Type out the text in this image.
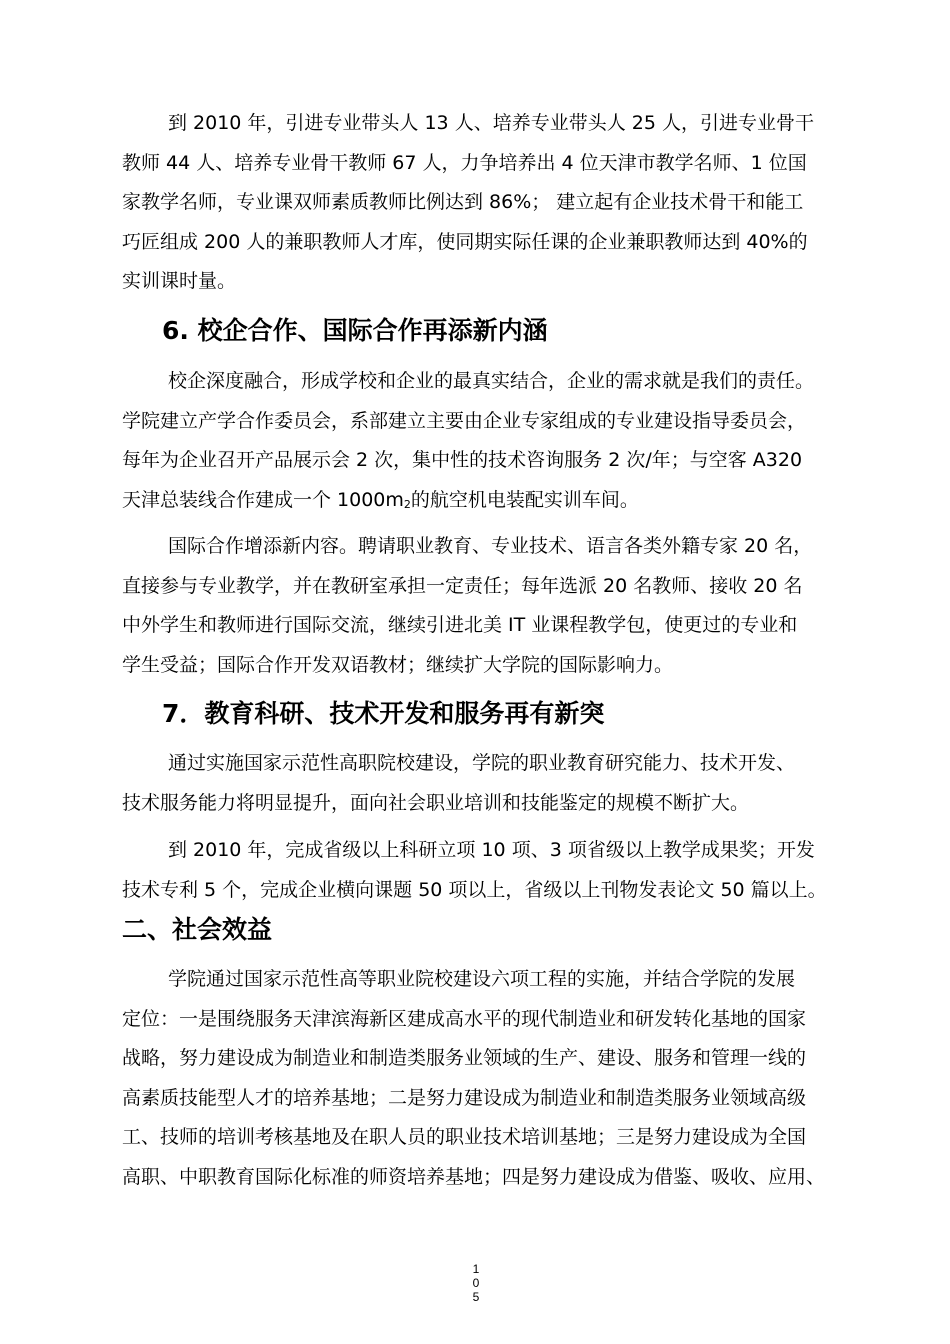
到 2010 年，引进专业带头人 13 人、培养专业带头人 25 人，引进专业骨干
教师 44 人、培养专业骨干教师 67 人，力争培养出 4 位天津市教学名师、1 位国
家教学名师，专业课双师素质教师比例达到 86%； 建立起有企业技术骨干和能工
巧匠组成 200 人的兼职教师人才库，使同期实际任课的企业兼职教师达到 40%的
实训课时量。
6. 校企合作、国际合作再添新内涵
校企深度融合，形成学校和企业的最真实结合，企业的需求就是我们的责任。
学院建立产学合作委员会，系部建立主要由企业专家组成的专业建设指导委员会，
每年为企业召开产品展示会 2 次，集中性的技术咨询服务 2 次/年；与空客 A320
天津总装线合作建成一个 $1000m_2$的航空机电装配实训车间。
国际合作增添新内容。聘请职业教育、专业技术、语言各类外籍专家 20 名，
直接参与专业教学，并在教研室承担一定责任；每年选派 20 名教师、接收 20 名
中外学生和教师进行国际交流，继续引进北美 IT 业课程教学包，使更过的专业和
学生受益；国际合作开发双语教材；继续扩大学院的国际影响力。
7．教育科研、技术开发和服务再有新突
通过实施国家示范性高职院校建设，学院的职业教育研究能力、技术开发、
技术服务能力将明显提升，面向社会职业培训和技能鉴定的规模不断扩大。
到 2010 年，完成省级以上科研立项 10 项、3 项省级以上教学成果奖；开发
技术专利 5 个，完成企业横向课题 50 项以上，省级以上刊物发表论文 50 篇以上。
二、社会效益
学院通过国家示范性高等职业院校建设六项工程的实施，并结合学院的发展
定位：一是围绕服务天津滨海新区建成高水平的现代制造业和研发转化基地的国家
战略，努力建设成为制造业和制造类服务业领域的生产、建设、服务和管理一线的
高素质技能型人才的培养基地；二是努力建设成为制造业和制造类服务业领域高级
工、技师的培训考核基地及在职人员的职业技术培训基地；三是努力建设成为全国
高职、中职教育国际化标准的师资培养基地；四是努力建设成为借鉴、吸收、应用、
1
0
5
